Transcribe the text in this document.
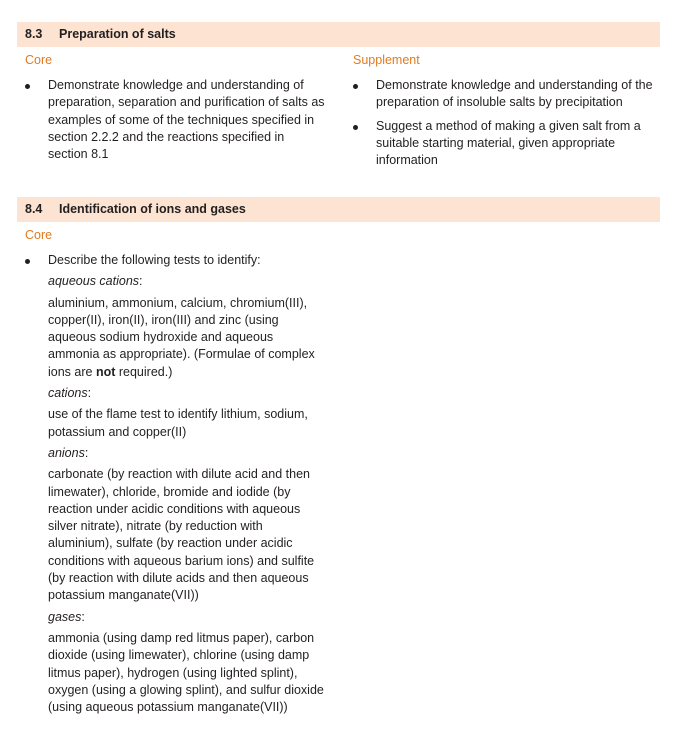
8.3	Preparation of salts
Core	Supplement
Demonstrate knowledge and understanding of preparation, separation and purification of salts as examples of some of the techniques specified in section 2.2.2 and the reactions specified in section 8.1
Demonstrate knowledge and understanding of the preparation of insoluble salts by precipitation
Suggest a method of making a given salt from a suitable starting material, given appropriate information
8.4	Identification of ions and gases
Core
Describe the following tests to identify:
aqueous cations:
aluminium, ammonium, calcium, chromium(III), copper(II), iron(II), iron(III) and zinc (using aqueous sodium hydroxide and aqueous ammonia as appropriate). (Formulae of complex ions are not required.)
cations:
use of the flame test to identify lithium, sodium, potassium and copper(II)
anions:
carbonate (by reaction with dilute acid and then limewater), chloride, bromide and iodide (by reaction under acidic conditions with aqueous silver nitrate), nitrate (by reduction with aluminium), sulfate (by reaction under acidic conditions with aqueous barium ions) and sulfite (by reaction with dilute acids and then aqueous potassium manganate(VII))
gases:
ammonia (using damp red litmus paper), carbon dioxide (using limewater), chlorine (using damp litmus paper), hydrogen (using lighted splint), oxygen (using a glowing splint), and sulfur dioxide (using aqueous potassium manganate(VII))
